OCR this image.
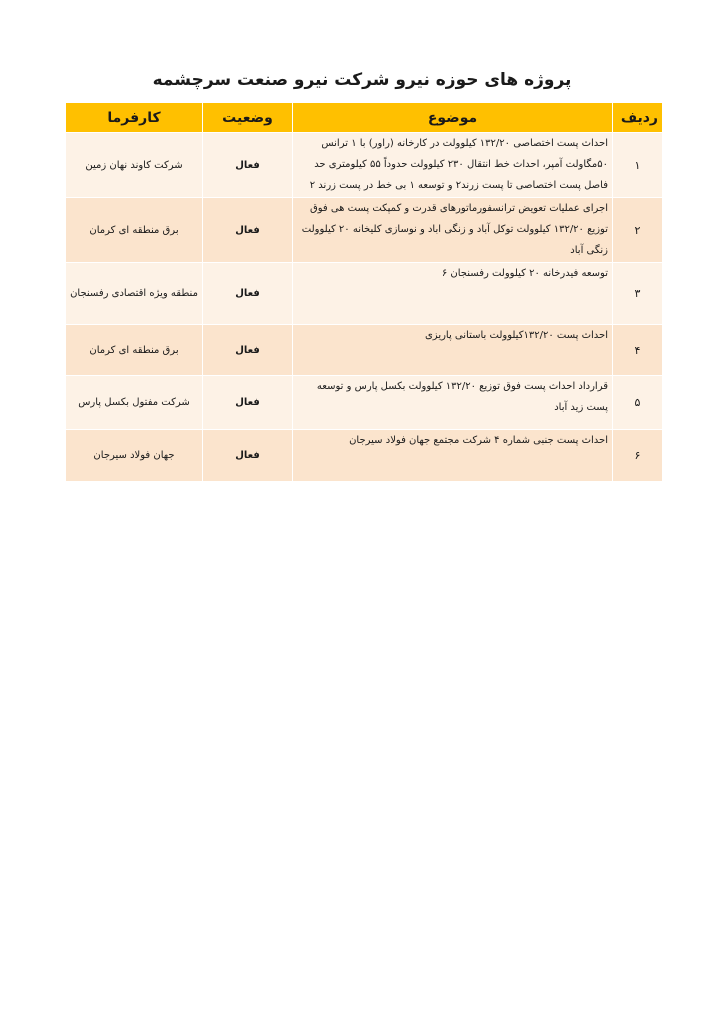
پروژه های حوزه نیرو شرکت نیرو صنعت سرچشمه
ردیف	موضوع	وضعیت	کارفرما
۱	احداث پست اختصاصی ۱۳۲/۲۰ کیلوولت در کارخانه (راور) با ۱ ترانس ۵۰مگاولت آمپر، احداث خط انتقال ۲۳۰ کیلوولت حدوداً ۵۵ کیلومتری حد فاصل پست اختصاصی تا پست زرند۲ و توسعه ۱ بی خط در پست زرند ۲	فعال	شرکت کاوند نهان زمین
۲	اجرای عملیات تعویض ترانسفورماتورهای قدرت و کمپکت پست هی فوق توزیع ۱۳۲/۲۰ کیلوولت توکل آباد و زنگی اباد و نوسازی کلیخانه ۲۰ کیلوولت زنگی آباد	فعال	برق منطقه ای کرمان
۳	توسعه فیدرخانه ۲۰ کیلوولت رفسنجان ۶	فعال	منطقه ویژه اقتصادی رفسنجان
۴	احداث پست ۱۳۲/۲۰کیلوولت باستانی پاریزی	فعال	برق منطقه ای کرمان
۵	قرارداد احداث پست فوق توزیع ۱۳۲/۲۰ کیلوولت بکسل پارس و توسعه پست زید آباد	فعال	شرکت مفتول بکسل پارس
۶	احداث پست جنبی شماره ۴ شرکت مجتمع جهان فولاد سیرجان	فعال	جهان فولاد سیرجان
